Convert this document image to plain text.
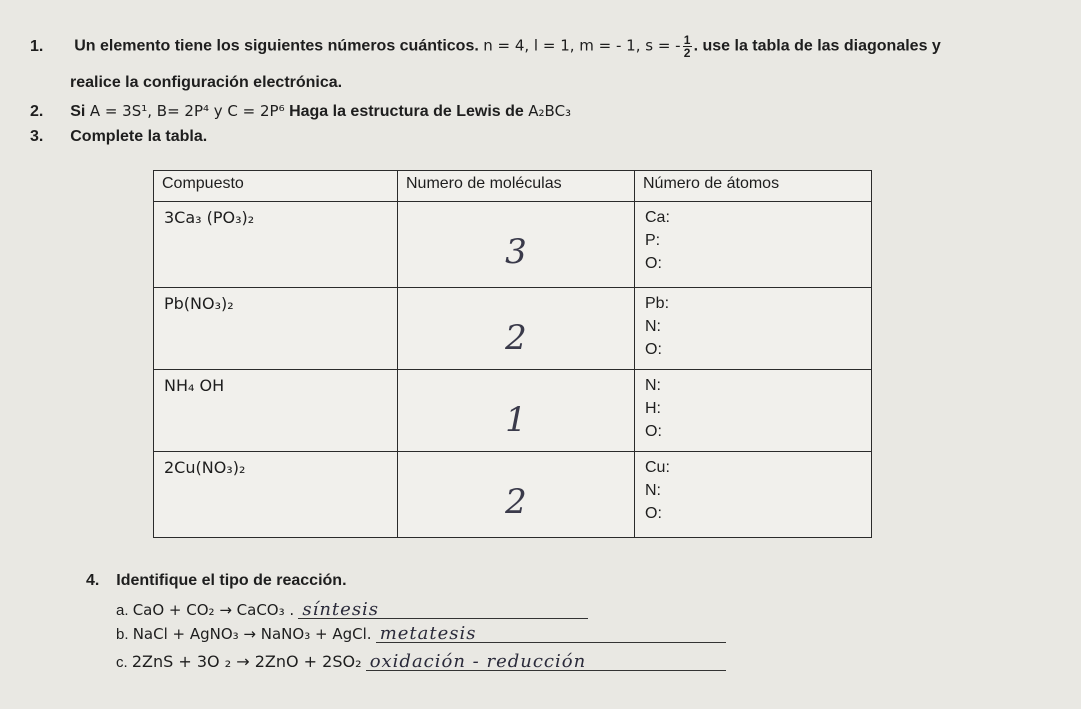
1. Un elemento tiene los siguientes números cuánticos. n = 4, l = 1, m = - 1, s = - $\frac{1}{2}$ . use la tabla de las diagonales y
realice la configuración electrónica.
2. Si A = 3S¹, B= 2P⁴ y C = 2P⁶ Haga la estructura de Lewis de A₂BC₃
3. Complete la tabla.
Compuesto	Numero de moléculas	Número de átomos

3Ca₃ (PO₃)₂	3	Ca:
P:
O:

Pb(NO₃)₂	2	Pb:
N:
O:

NH₄ OH	1	N:
H:
O:

2Cu(NO₃)₂	2	Cu:
N:
O:
4. Identifique el tipo de reacción.
a. CaO + CO₂ → CaCO₃ . síntesis
b. NaCl + AgNO₃ → NaNO₃ + AgCl. metatesis
c. 2ZnS + 3O ₂ → 2ZnO + 2SO₂ oxidación - reducción
